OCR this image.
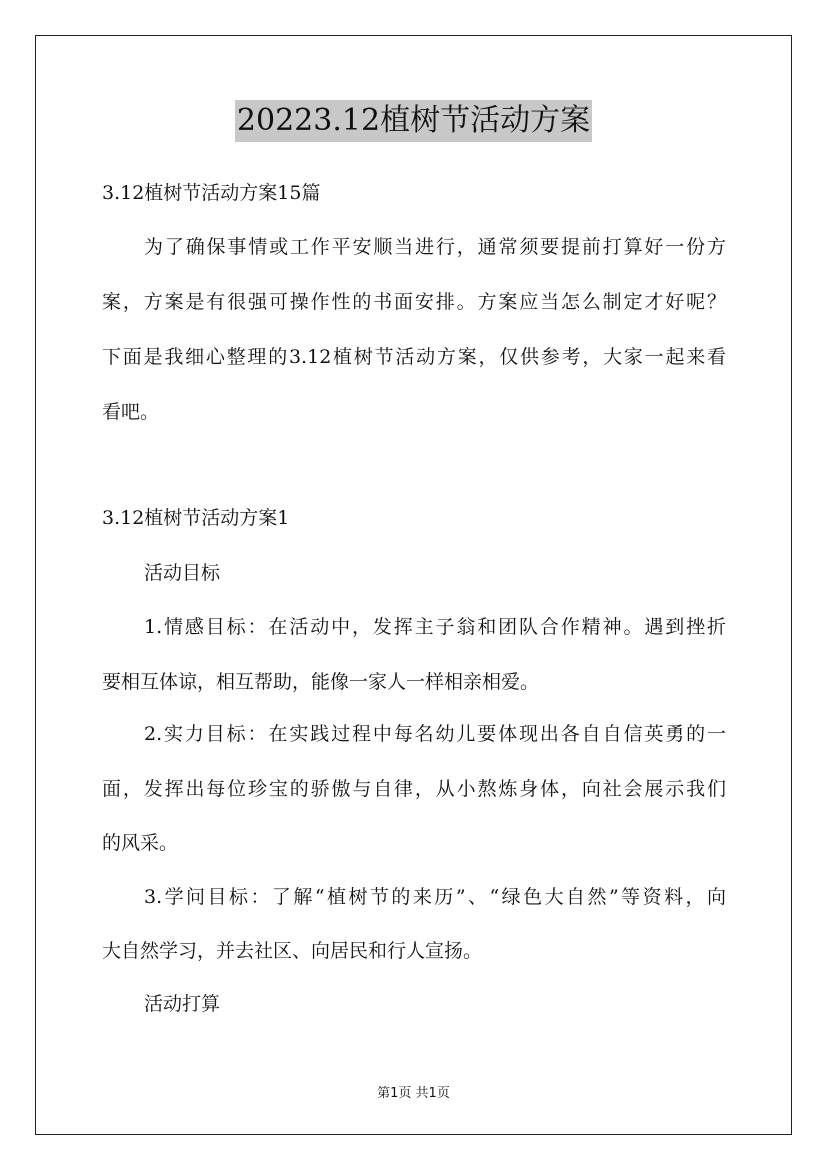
20223.12植树节活动方案
3.12植树节活动方案15篇
为了确保事情或工作平安顺当进行，通常须要提前打算好一份方
案，方案是有很强可操作性的书面安排。方案应当怎么制定才好呢？
下面是我细心整理的3.12植树节活动方案，仅供参考，大家一起来看
看吧。
3.12植树节活动方案1
活动目标
1.情感目标：在活动中，发挥主子翁和团队合作精神。遇到挫折
要相互体谅，相互帮助，能像一家人一样相亲相爱。
2.实力目标：在实践过程中每名幼儿要体现出各自自信英勇的一
面，发挥出每位珍宝的骄傲与自律，从小熬炼身体，向社会展示我们
的风采。
3.学问目标：了解“植树节的来历”、“绿色大自然”等资料，向
大自然学习，并去社区、向居民和行人宣扬。
活动打算
第1页 共1页
